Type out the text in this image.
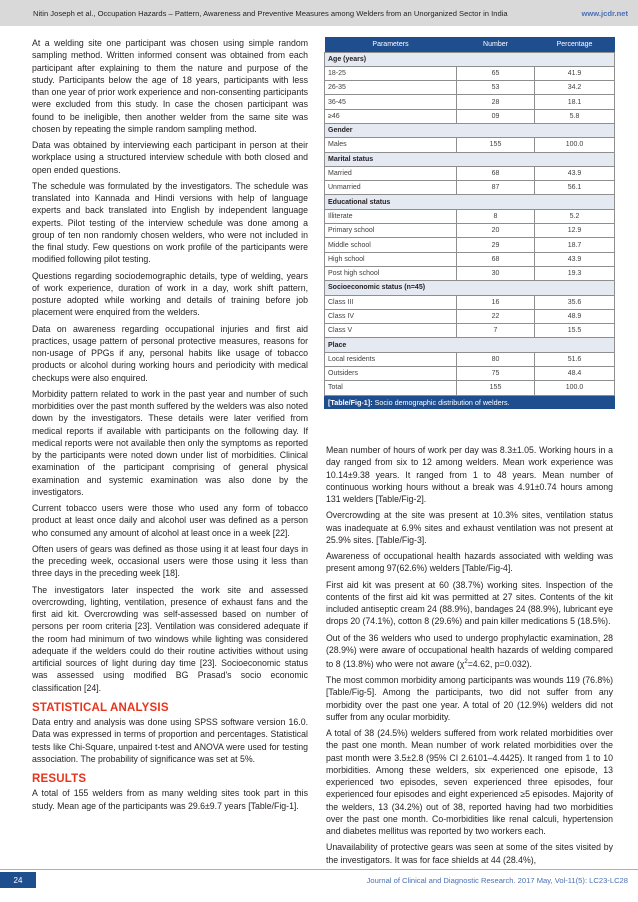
Nitin Joseph et al., Occupation Hazards – Pattern, Awareness and Preventive Measures among Welders from an Unorganized Sector in India	www.jcdr.net

At a welding site one participant was chosen using simple random sampling method. Written informed consent was obtained from each participant after explaining to them the nature and purpose of the study. Participants below the age of 18 years, participants with less than one year of prior work experience and non-consenting participants were excluded from this study. In case the chosen participant was found to be ineligible, then another welder from the same site was chosen by repeating the simple random sampling method.

Data was obtained by interviewing each participant in person at their workplace using a structured interview schedule with both closed and open ended questions.

The schedule was formulated by the investigators. The schedule was translated into Kannada and Hindi versions with help of language experts and back translated into English by independent language experts. Pilot testing of the interview schedule was done among a group of ten non randomly chosen welders, who were not included in the final study. Few questions on work profile of the participants were modified following pilot testing.

Questions regarding sociodemographic details, type of welding, years of work experience, duration of work in a day, work shift pattern, posture adopted while working and details of training before job placement were enquired from the welders.

Data on awareness regarding occupational injuries and first aid practices, usage pattern of personal protective measures, reasons for non-usage of PPGs if any, personal habits like usage of tobacco products or alcohol during working hours and periodicity with medical checkups were also enquired.

Morbidity pattern related to work in the past year and number of such morbidities over the past month suffered by the welders was also noted down by the investigators. These details were later verified from medical reports if available with participants on the following day. If medical reports were not available then only the symptoms as reported by the participants were noted down under list of morbidities. Clinical examination of the participant comprising of general physical examination and systemic examination was also done by the investigators.

Current tobacco users were those who used any form of tobacco product at least once daily and alcohol user was defined as a person who consumed any amount of alcohol at least once in a week [22].

Often users of gears was defined as those using it at least four days in the preceding week, occasional users were those using it less than three days in the preceding week [18].

The investigators later inspected the work site and assessed overcrowding, lighting, ventilation, presence of exhaust fans and the first aid kit. Overcrowding was self-assessed based on number of persons per room criteria [23]. Ventilation was considered adequate if the room had minimum of two windows while lighting was considered adequate if the welders could do their routine activities without using artificial sources of light during day time [23]. Socioeconomic status was assessed using modified BG Prasad's socio economic classification [24].

STATISTICAL ANALYSIS

Data entry and analysis was done using SPSS software version 16.0. Data was expressed in terms of proportion and percentages. Statistical tests like Chi-Square, unpaired t-test and ANOVA were used for testing association. The probability of significance was set at 5%.

RESULTS

A total of 155 welders from as many welding sites took part in this study. Mean age of the participants was 29.6±9.7 years [Table/Fig-1].

Parameters	Number	Percentage
Age (years)		
18-25	65	41.9
26-35	53	34.2
36-45	28	18.1
≥46	09	5.8
Gender		
Males	155	100.0
Marital status		
Married	68	43.9
Unmarried	87	56.1
Educational status		
Illiterate	8	5.2
Primary school	20	12.9
Middle school	29	18.7
High school	68	43.9
Post high school	30	19.3
Socioeconomic status (n=45)		
Class III	16	35.6
Class IV	22	48.9
Class V	7	15.5
Place		
Local residents	80	51.6
Outsiders	75	48.4
Total	155	100.0
[Table/Fig-1]: Socio demographic distribution of welders.

Mean number of hours of work per day was 8.3±1.05. Working hours in a day ranged from six to 12 among welders. Mean work experience was 10.14±9.38 years. It ranged from 1 to 48 years. Mean number of continuous working hours without a break was 4.91±0.74 hours among 131 welders [Table/Fig-2].

Overcrowding at the site was present at 10.3% sites, ventilation status was inadequate at 6.9% sites and exhaust ventilation was not present at 25.9% sites. [Table/Fig-3].

Awareness of occupational health hazards associated with welding was present among 97(62.6%) welders [Table/Fig-4].

First aid kit was present at 60 (38.7%) working sites. Inspection of the contents of the first aid kit was permitted at 27 sites. Contents of the kit included antiseptic cream 24 (88.9%), bandages 24 (88.9%), lubricant eye drops 20 (74.1%), cotton 8 (29.6%) and pain killer medications 5 (18.5%).

Out of the 36 welders who used to undergo prophylactic examination, 28 (28.9%) were aware of occupational health hazards of welding compared to 8 (13.8%) who were not aware ($\chi^2=4.62$, p=0.032).

The most common morbidity among participants was wounds 119 (76.8%) [Table/Fig-5]. Among the participants, two did not suffer from any morbidity over the past one year. A total of 20 (12.9%) welders did not suffer from any ocular morbidity.

A total of 38 (24.5%) welders suffered from work related morbidities over the past one month. Mean number of work related morbidities over the past month were 3.5±2.8 (95% CI 2.6101–4.4425). It ranged from 1 to 10 morbidities. Among these welders, six experienced one episode, 13 experienced two episodes, seven experienced three episodes, four experienced four episodes and eight experienced ≥5 episodes. Majority of the welders, 13 (34.2%) out of 38, reported having had two morbidities over the past one month. Co-morbidities like renal calculi, hypertension and diabetes mellitus was reported by two workers each.

Unavailability of protective gears was seen at some of the sites visited by the investigators. It was for face shields at 44 (28.4%),

24	Journal of Clinical and Diagnostic Research. 2017 May, Vol-11(5): LC23-LC28
